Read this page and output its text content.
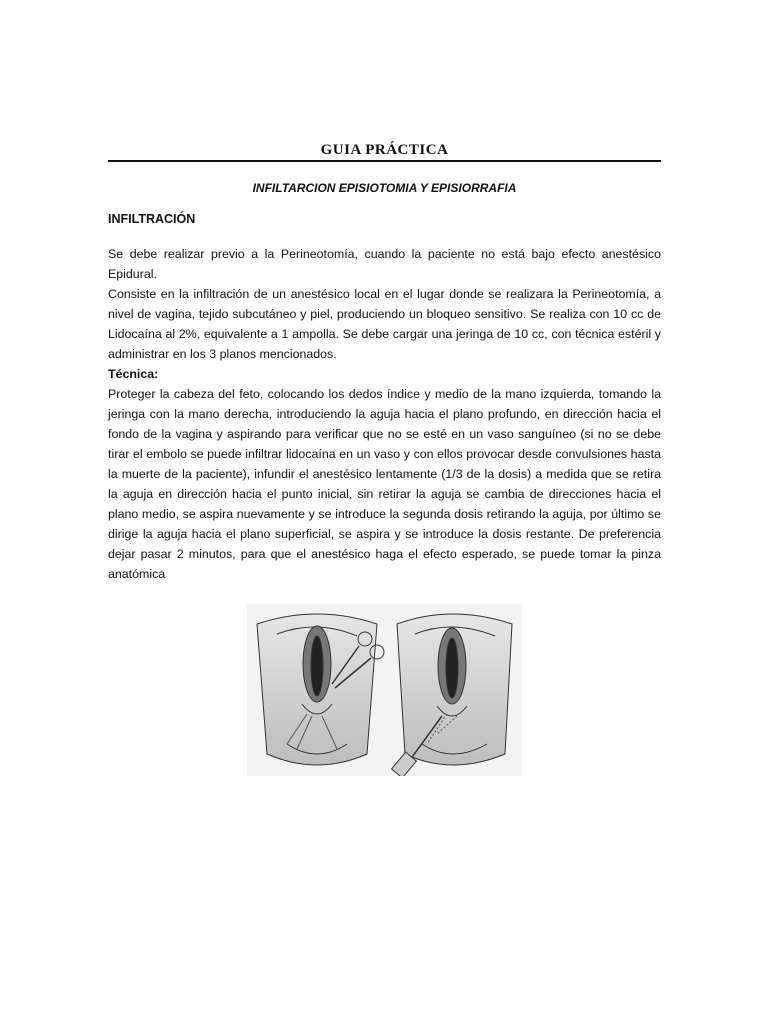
GUIA PRÁCTICA
INFILTARCION EPISIOTOMIA Y EPISIORRAFIA
INFILTRACIÓN

Se debe realizar previo a la Perineotomía, cuando la paciente no está bajo efecto anestésico Epidural.

Consiste en la infiltración de un anestésico local en el lugar donde se realizara la Perineotomía, a nivel de vagina, tejido subcutáneo y piel, produciendo un bloqueo sensitivo. Se realiza con 10 cc de Lidocaína al 2%, equivalente a 1 ampolla. Se debe cargar una jeringa de 10 cc, con técnica estéril y administrar en los 3 planos mencionados.

Técnica:

Proteger la cabeza del feto, colocando los dedos índice y medio de la mano izquierda, tomando la jeringa con la mano derecha, introduciendo la aguja hacia el plano profundo, en dirección hacia el fondo de la vagina y aspirando para verificar que no se esté en un vaso sanguíneo (si no se debe tirar el embolo se puede infiltrar lidocaína en un vaso y con ellos provocar desde convulsiones hasta la muerte de la paciente), infundir el anestésico lentamente (1/3 de la dosis) a medida que se retira la aguja en dirección hacia el punto inicial, sin retirar la aguja se cambia de direcciones hacia el plano medio, se aspira nuevamente y se introduce la segunda dosis retirando la aguja, por último se dirige la aguja hacia el plano superficial, se aspira y se introduce la dosis restante. De preferencia dejar pasar 2 minutos, para que el anestésico haga el efecto esperado, se puede tomar la pinza anatómica
